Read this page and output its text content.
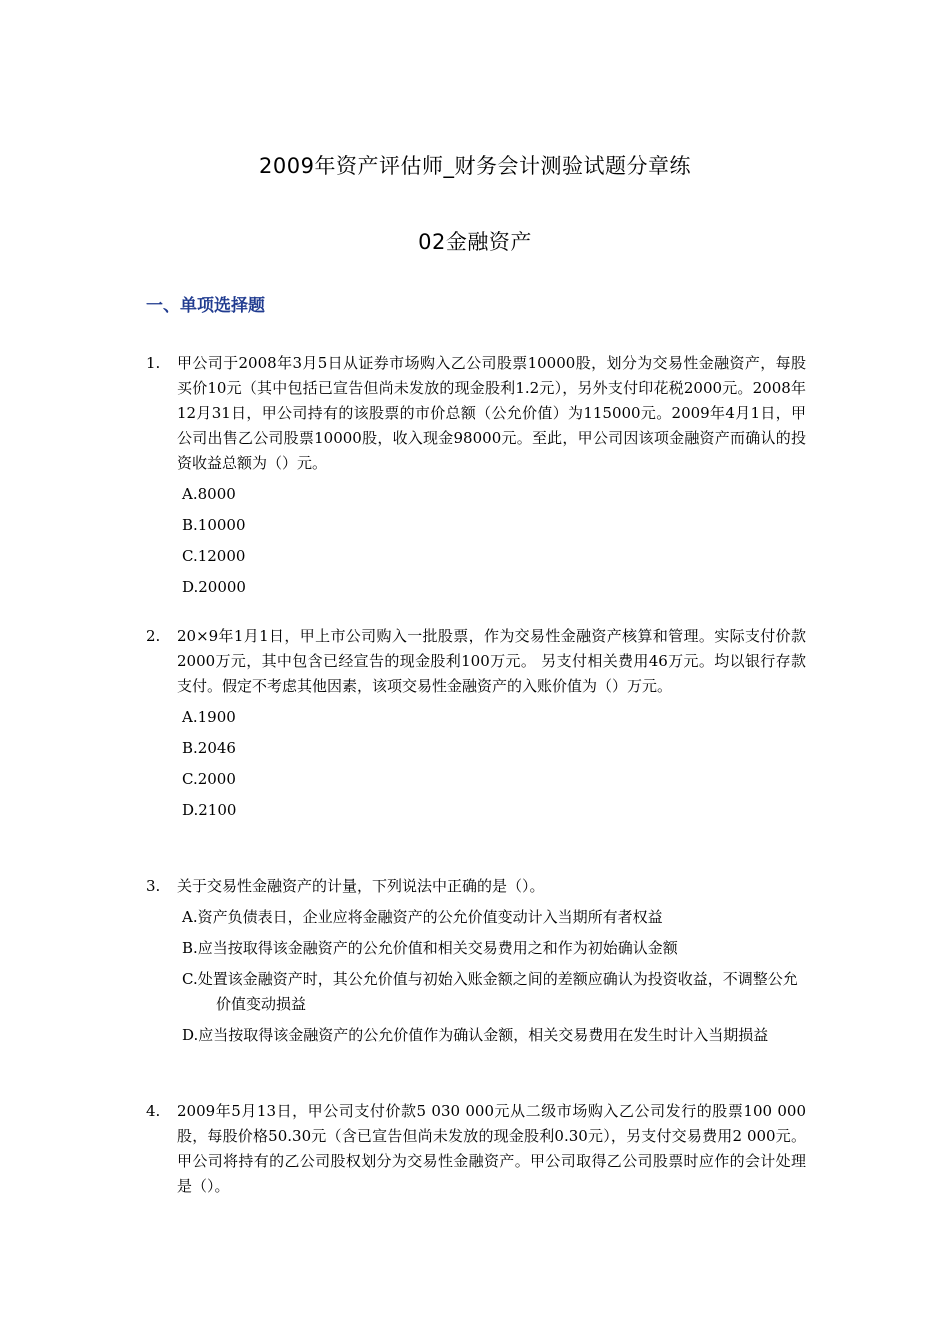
2009年资产评估师_财务会计测验试题分章练
02金融资产
一、单项选择题
1. 甲公司于2008年3月5日从证券市场购入乙公司股票10000股，划分为交易性金融资产，每股买价10元（其中包括已宣告但尚未发放的现金股利1.2元），另外支付印花税2000元。2008年12月31日，甲公司持有的该股票的市价总额（公允价值）为115000元。2009年4月1日，甲公司出售乙公司股票10000股，收入现金98000元。至此，甲公司因该项金融资产而确认的投资收益总额为（）元。
A.8000
B.10000
C.12000
D.20000
2. 20×9年1月1日，甲上市公司购入一批股票，作为交易性金融资产核算和管理。实际支付价款2000万元，其中包含已经宣告的现金股利100万元。 另支付相关费用46万元。均以银行存款支付。假定不考虑其他因素，该项交易性金融资产的入账价值为（）万元。
A.1900
B.2046
C.2000
D.2100
3. 关于交易性金融资产的计量，下列说法中正确的是（）。
A.资产负债表日，企业应将金融资产的公允价值变动计入当期所有者权益
B.应当按取得该金融资产的公允价值和相关交易费用之和作为初始确认金额
C.处置该金融资产时，其公允价值与初始入账金额之间的差额应确认为投资收益，不调整公允价值变动损益
D.应当按取得该金融资产的公允价值作为确认金额，相关交易费用在发生时计入当期损益
4. 2009年5月13日，甲公司支付价款5 030 000元从二级市场购入乙公司发行的股票100 000股，每股价格50.30元（含已宣告但尚未发放的现金股利0.30元），另支付交易费用2 000元。甲公司将持有的乙公司股权划分为交易性金融资产。甲公司取得乙公司股票时应作的会计处理是（）。
